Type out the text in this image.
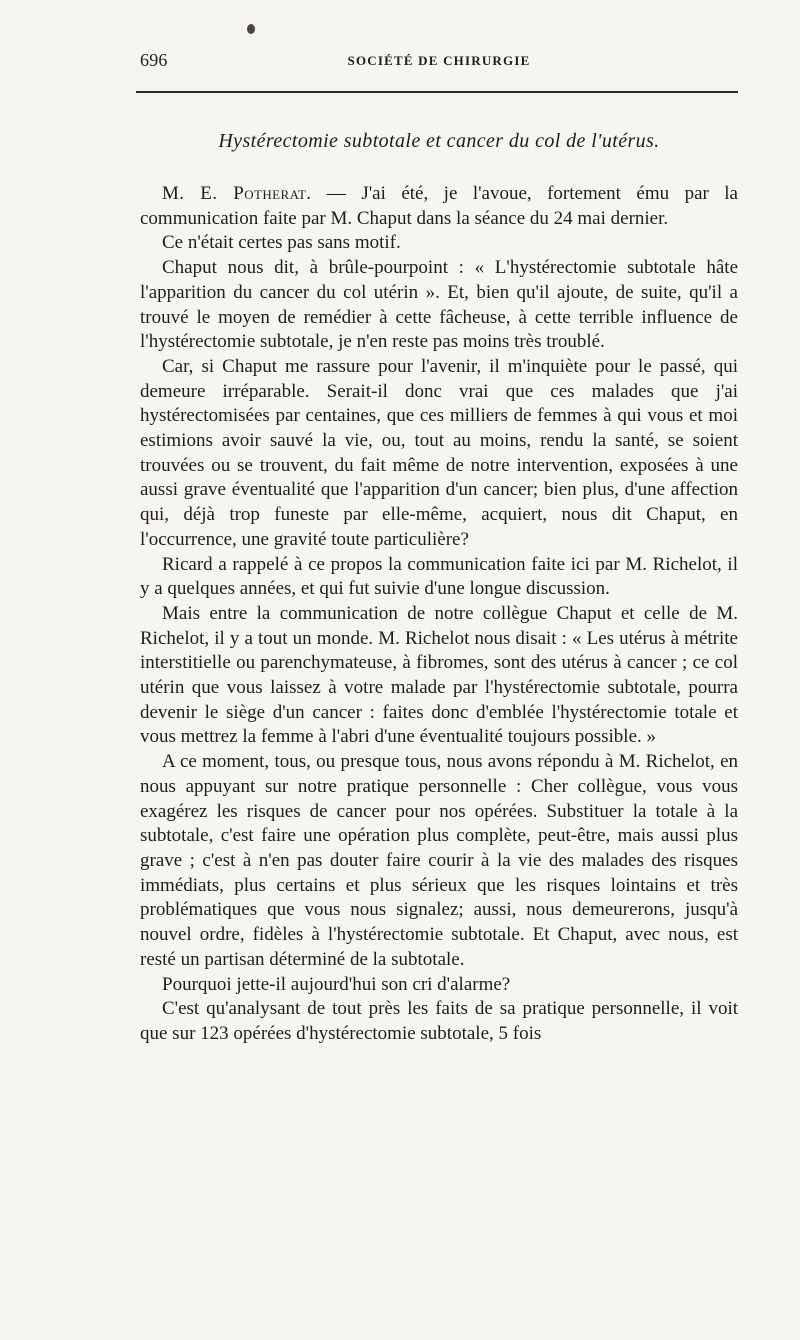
696	SOCIÉTÉ DE CHIRURGIE
Hystérectomie subtotale et cancer du col de l'utérus.

M. E. Potherat. — J'ai été, je l'avoue, fortement ému par la communication faite par M. Chaput dans la séance du 24 mai dernier.

Ce n'était certes pas sans motif.

Chaput nous dit, à brûle-pourpoint : « L'hystérectomie subtotale hâte l'apparition du cancer du col utérin ». Et, bien qu'il ajoute, de suite, qu'il a trouvé le moyen de remédier à cette fâcheuse, à cette terrible influence de l'hystérectomie subtotale, je n'en reste pas moins très troublé.

Car, si Chaput me rassure pour l'avenir, il m'inquiète pour le passé, qui demeure irréparable. Serait-il donc vrai que ces malades que j'ai hystérectomisées par centaines, que ces milliers de femmes à qui vous et moi estimions avoir sauvé la vie, ou, tout au moins, rendu la santé, se soient trouvées ou se trouvent, du fait même de notre intervention, exposées à une aussi grave éventualité que l'apparition d'un cancer; bien plus, d'une affection qui, déjà trop funeste par elle-même, acquiert, nous dit Chaput, en l'occurrence, une gravité toute particulière?

Ricard a rappelé à ce propos la communication faite ici par M. Richelot, il y a quelques années, et qui fut suivie d'une longue discussion.

Mais entre la communication de notre collègue Chaput et celle de M. Richelot, il y a tout un monde. M. Richelot nous disait : « Les utérus à métrite interstitielle ou parenchymateuse, à fibromes, sont des utérus à cancer ; ce col utérin que vous laissez à votre malade par l'hystérectomie subtotale, pourra devenir le siège d'un cancer : faites donc d'emblée l'hystérectomie totale et vous mettrez la femme à l'abri d'une éventualité toujours possible. »

A ce moment, tous, ou presque tous, nous avons répondu à M. Richelot, en nous appuyant sur notre pratique personnelle : Cher collègue, vous vous exagérez les risques de cancer pour nos opérées. Substituer la totale à la subtotale, c'est faire une opération plus complète, peut-être, mais aussi plus grave ; c'est à n'en pas douter faire courir à la vie des malades des risques immédiats, plus certains et plus sérieux que les risques lointains et très problématiques que vous nous signalez; aussi, nous demeurerons, jusqu'à nouvel ordre, fidèles à l'hystérectomie subtotale. Et Chaput, avec nous, est resté un partisan déterminé de la subtotale.

Pourquoi jette-il aujourd'hui son cri d'alarme?

C'est qu'analysant de tout près les faits de sa pratique personnelle, il voit que sur 123 opérées d'hystérectomie subtotale, 5 fois
